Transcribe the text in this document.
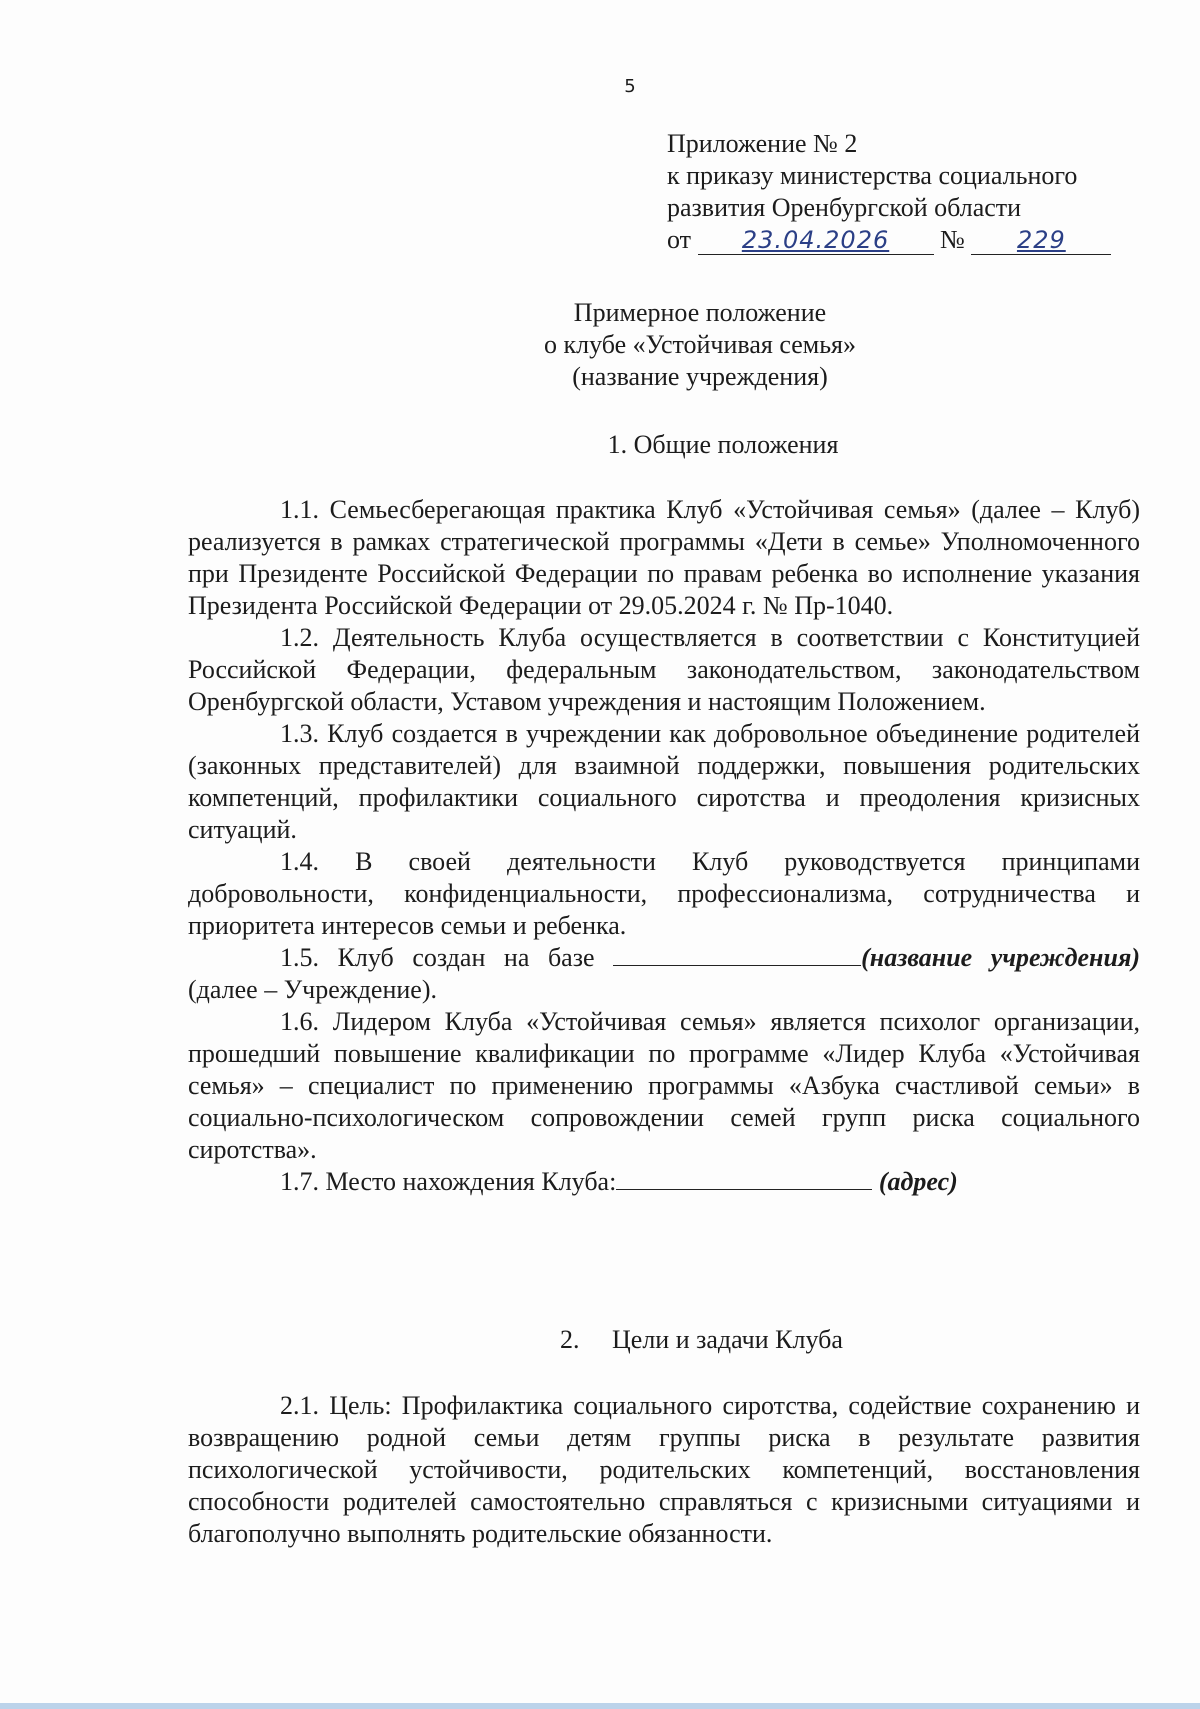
5
Приложение № 2
к приказу министерства социального
развития Оренбургской области
от 23.04.2026 № 229
Примерное положение
о клубе «Устойчивая семья»
(название учреждения)
1. Общие положения

1.1. Семьесберегающая практика Клуб «Устойчивая семья» (далее – Клуб) реализуется в рамках стратегической программы «Дети в семье» Уполномоченного при Президенте Российской Федерации по правам ребенка во исполнение указания Президента Российской Федерации от 29.05.2024 г. № Пр-1040.

1.2. Деятельность Клуба осуществляется в соответствии с Конституцией Российской Федерации, федеральным законодательством, законодательством Оренбургской области, Уставом учреждения и настоящим Положением.

1.3. Клуб создается в учреждении как добровольное объединение родителей (законных представителей) для взаимной поддержки, повышения родительских компетенций, профилактики социального сиротства и преодоления кризисных ситуаций.

1.4. В своей деятельности Клуб руководствуется принципами добровольности, конфиденциальности, профессионализма, сотрудничества и приоритета интересов семьи и ребенка.

1.5. Клуб создан на базе	(название учреждения) (далее – Учреждение).

1.6. Лидером Клуба «Устойчивая семья» является психолог организации, прошедший повышение квалификации по программе «Лидер Клуба «Устойчивая семья» – специалист по применению программы «Азбука счастливой семьи» в социально-психологическом сопровождении семей групп риска социального сиротства».

1.7. Место нахождения Клуба:	(адрес)

2. Цели и задачи Клуба

2.1. Цель: Профилактика социального сиротства, содействие сохранению и возвращению родной семьи детям группы риска в результате развития психологической устойчивости, родительских компетенций, восстановления способности родителей самостоятельно справляться с кризисными ситуациями и благополучно выполнять родительские обязанности.
